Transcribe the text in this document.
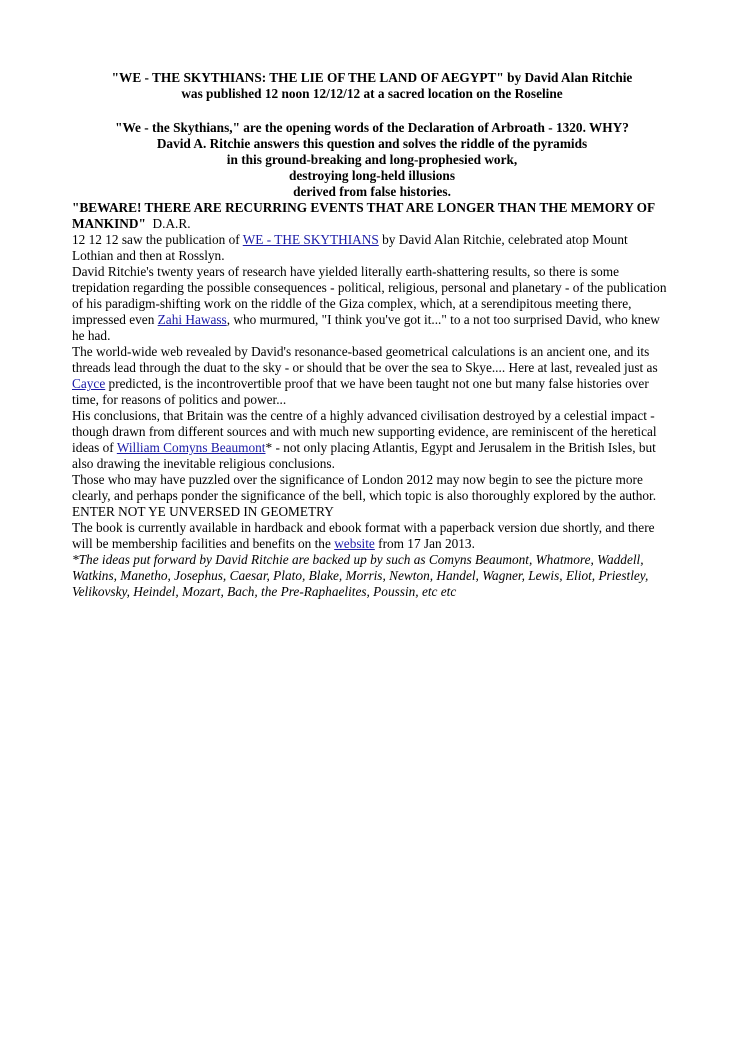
"WE - THE SKYTHIANS: THE LIE OF THE LAND OF AEGYPT" by David Alan Ritchie

was published 12 noon 12/12/12 at a sacred location on the Roseline

"We - the Skythians," are the opening words of the Declaration of Arbroath - 1320. WHY?

David A. Ritchie answers this question and solves the riddle of the pyramids

in this ground-breaking and long-prophesied work,

destroying long-held illusions

derived from false histories.

"BEWARE! THERE ARE RECURRING EVENTS THAT ARE LONGER THAN THE MEMORY OF MANKIND" D.A.R.

12 12 12 saw the publication of WE - THE SKYTHIANS by David Alan Ritchie, celebrated atop Mount Lothian and then at Rosslyn.

David Ritchie's twenty years of research have yielded literally earth-shattering results, so there is some trepidation regarding the possible consequences - political, religious, personal and planetary - of the publication of his paradigm-shifting work on the riddle of the Giza complex, which, at a serendipitous meeting there, impressed even Zahi Hawass, who murmured, "I think you've got it..." to a not too surprised David, who knew he had.

The world-wide web revealed by David's resonance-based geometrical calculations is an ancient one, and its threads lead through the duat to the sky - or should that be over the sea to Skye.... Here at last, revealed just as Cayce predicted, is the incontrovertible proof that we have been taught not one but many false histories over time, for reasons of politics and power...

His conclusions, that Britain was the centre of a highly advanced civilisation destroyed by a celestial impact - though drawn from different sources and with much new supporting evidence, are reminiscent of the heretical ideas of William Comyns Beaumont* - not only placing Atlantis, Egypt and Jerusalem in the British Isles, but also drawing the inevitable religious conclusions.

Those who may have puzzled over the significance of London 2012 may now begin to see the picture more clearly, and perhaps ponder the significance of the bell, which topic is also thoroughly explored by the author.

ENTER NOT YE UNVERSED IN GEOMETRY

The book is currently available in hardback and ebook format with a paperback version due shortly, and there will be membership facilities and benefits on the website from 17 Jan 2013.

*The ideas put forward by David Ritchie are backed up by such as Comyns Beaumont, Whatmore, Waddell, Watkins, Manetho, Josephus, Caesar, Plato, Blake, Morris, Newton, Handel, Wagner, Lewis, Eliot, Priestley, Velikovsky, Heindel, Mozart, Bach, the Pre-Raphaelites, Poussin, etc etc
